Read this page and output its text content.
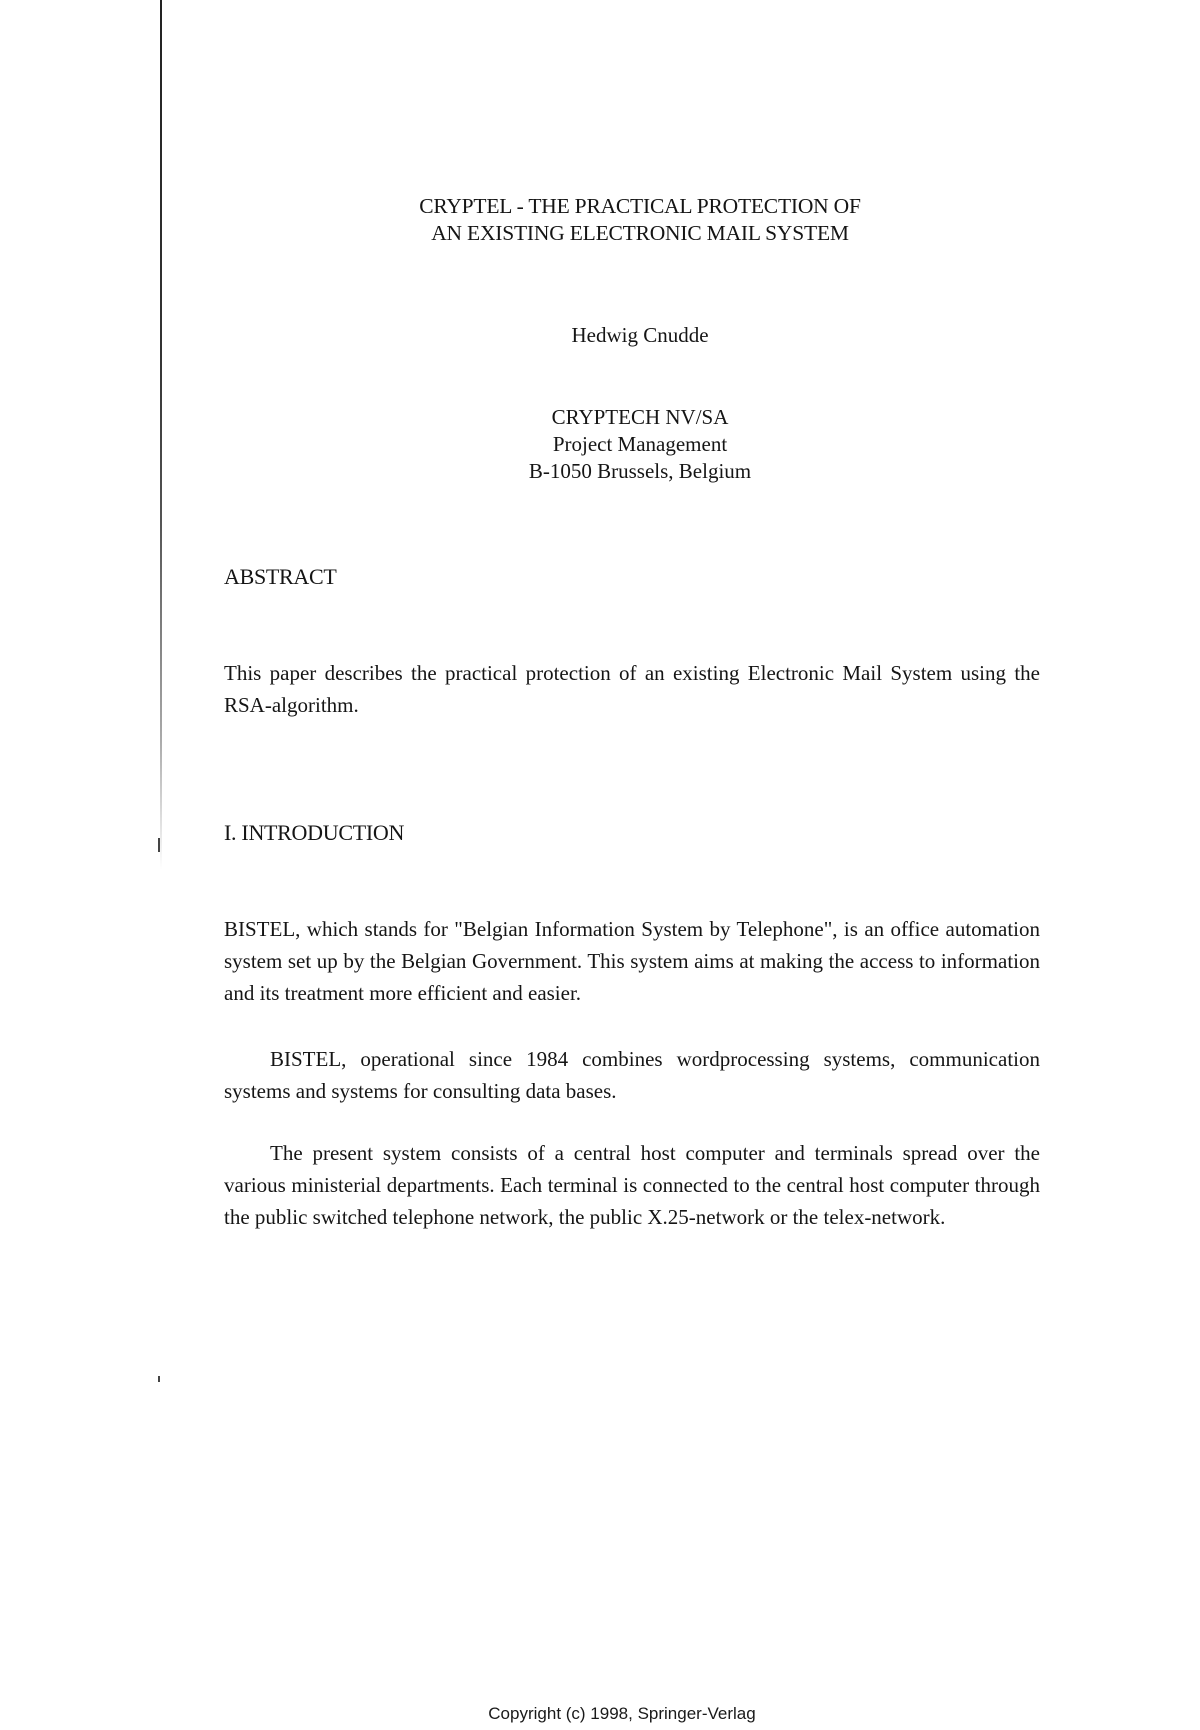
CRYPTEL - THE PRACTICAL PROTECTION OF
AN EXISTING ELECTRONIC MAIL SYSTEM
Hedwig Cnudde
CRYPTECH NV/SA
Project Management
B-1050 Brussels, Belgium
ABSTRACT
This paper describes the practical protection of an existing Electronic Mail System using the RSA-algorithm.
I. INTRODUCTION
BISTEL, which stands for "Belgian Information System by Telephone", is an office automation system set up by the Belgian Government. This system aims at making the access to information and its treatment more efficient and easier.
BISTEL, operational since 1984 combines wordprocessing systems, communication systems and systems for consulting data bases.
The present system consists of a central host computer and terminals spread over the various ministerial departments. Each terminal is connected to the central host computer through the public switched telephone network, the public X.25-network or the telex-network.
Copyright (c) 1998, Springer-Verlag
